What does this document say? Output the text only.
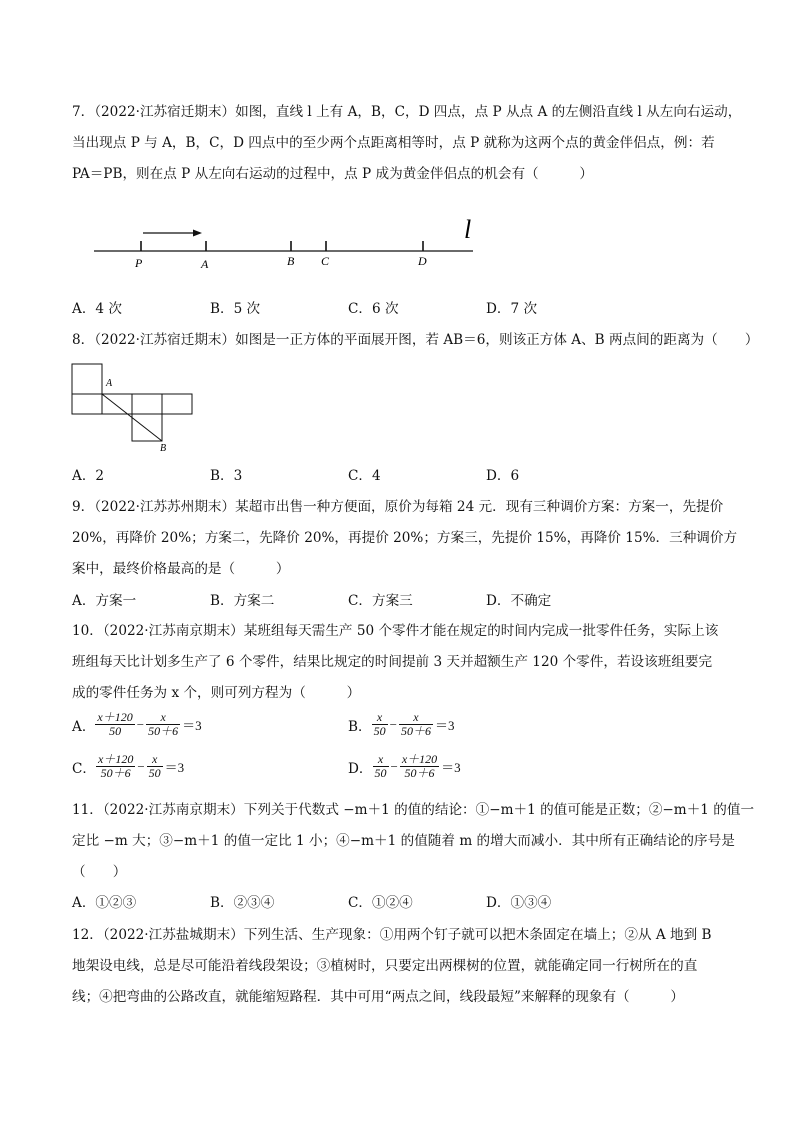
7．（2022·江苏宿迁期末）如图，直线 l 上有 A，B，C，D 四点，点 P 从点 A 的左侧沿直线 l 从左向右运动，
当出现点 P 与 A，B，C，D 四点中的至少两个点距离相等时，点 P 就称为这两个点的黄金伴侣点，例：若
PA＝PB，则在点 P 从左向右运动的过程中，点 P 成为黄金伴侣点的机会有（　　　）
P	A	B C	D
l
A．4 次	B．5 次	C．6 次	D．7 次
8．（2022·江苏宿迁期末）如图是一正方体的平面展开图，若 AB＝6，则该正方体 A、B 两点间的距离为（　　）
A
B
A．2	B．3	C．4	D．6
9．（2022·江苏苏州期末）某超市出售一种方便面，原价为每箱 24 元．现有三种调价方案：方案一，先提价
20%，再降价 20%；方案二，先降价 20%，再提价 20%；方案三，先提价 15%，再降价 15%．三种调价方
案中，最终价格最高的是（　　　）
A．方案一	B．方案二	C．方案三	D．不确定
10．（2022·江苏南京期末）某班组每天需生产 50 个零件才能在规定的时间内完成一批零件任务，实际上该
班组每天比计划多生产了 6 个零件，结果比规定的时间提前 3 天并超额生产 120 个零件，若设该班组要完
成的零件任务为 x 个，则可列方程为（　　　）
A． $\frac{x+120}{50} - \frac{x}{50+6} =3$	B． $\frac{x}{50} - \frac{x}{50+6} =3$
C． $\frac{x+120}{50+6} - \frac{x}{50} =3$	D． $\frac{x}{50} - \frac{x+120}{50+6} =3$
11．（2022·江苏南京期末）下列关于代数式 −m＋1 的值的结论：①−m＋1 的值可能是正数；②−m＋1 的值一
定比 −m 大；③−m＋1 的值一定比 1 小；④−m＋1 的值随着 m 的增大而减小．其中所有正确结论的序号是
（　　）
A．①②③	B．②③④	C．①②④	D．①③④
12．（2022·江苏盐城期末）下列生活、生产现象：①用两个钉子就可以把木条固定在墙上；②从 A 地到 B
地架设电线，总是尽可能沿着线段架设；③植树时，只要定出两棵树的位置，就能确定同一行树所在的直
线；④把弯曲的公路改直，就能缩短路程．其中可用“两点之间，线段最短”来解释的现象有（　　　）
